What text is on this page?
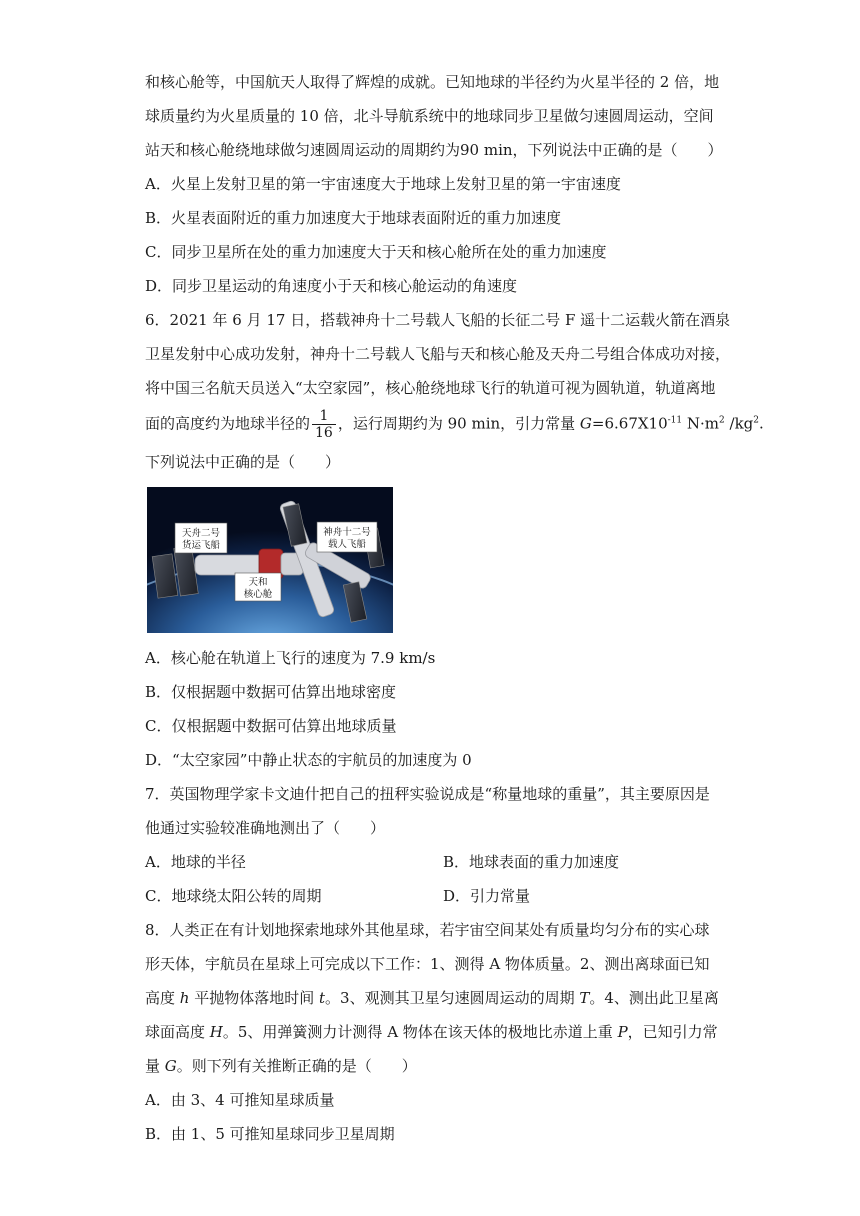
和核心舱等，中国航天人取得了辉煌的成就。已知地球的半径约为火星半径的 2 倍，地
球质量约为火星质量的 10 倍，北斗导航系统中的地球同步卫星做匀速圆周运动，空间
站天和核心舱绕地球做匀速圆周运动的周期约为90 min，下列说法中正确的是（　　）
A．火星上发射卫星的第一宇宙速度大于地球上发射卫星的第一宇宙速度
B．火星表面附近的重力加速度大于地球表面附近的重力加速度
C．同步卫星所在处的重力加速度大于天和核心舱所在处的重力加速度
D．同步卫星运动的角速度小于天和核心舱运动的角速度
6．2021 年 6 月 17 日，搭载神舟十二号载人飞船的长征二号 F 遥十二运载火箭在酒泉
卫星发射中心成功发射，神舟十二号载人飞船与天和核心舱及天舟二号组合体成功对接，
将中国三名航天员送入“太空家园”，核心舱绕地球飞行的轨道可视为圆轨道，轨道离地
面的高度约为地球半径的 $\frac{1}{16}$ ，运行周期约为 90 min，引力常量 $G=6.67X10^{-11}$ $N\cdot m^2$ $/kg^2$.
下列说法中正确的是（　　）
天舟二号
货运飞船
神舟十二号
载人飞船
天和
核心舱
A．核心舱在轨道上飞行的速度为 7.9 km/s
B．仅根据题中数据可估算出地球密度
C．仅根据题中数据可估算出地球质量
D．“太空家园”中静止状态的宇航员的加速度为 0
7．英国物理学家卡文迪什把自己的扭秤实验说成是“称量地球的重量”，其主要原因是
他通过实验较准确地测出了（　　）
A．地球的半径	B．地球表面的重力加速度
C．地球绕太阳公转的周期	D．引力常量
8．人类正在有计划地探索地球外其他星球，若宇宙空间某处有质量均匀分布的实心球
形天体，宇航员在星球上可完成以下工作：1、测得 A 物体质量。2、测出离球面已知
高度 h 平抛物体落地时间 t。3、观测其卫星匀速圆周运动的周期 T。4、测出此卫星离
球面高度 H。5、用弹簧测力计测得 A 物体在该天体的极地比赤道上重 P，已知引力常
量 G。则下列有关推断正确的是（　　）
A．由 3、4 可推知星球质量
B．由 1、5 可推知星球同步卫星周期
